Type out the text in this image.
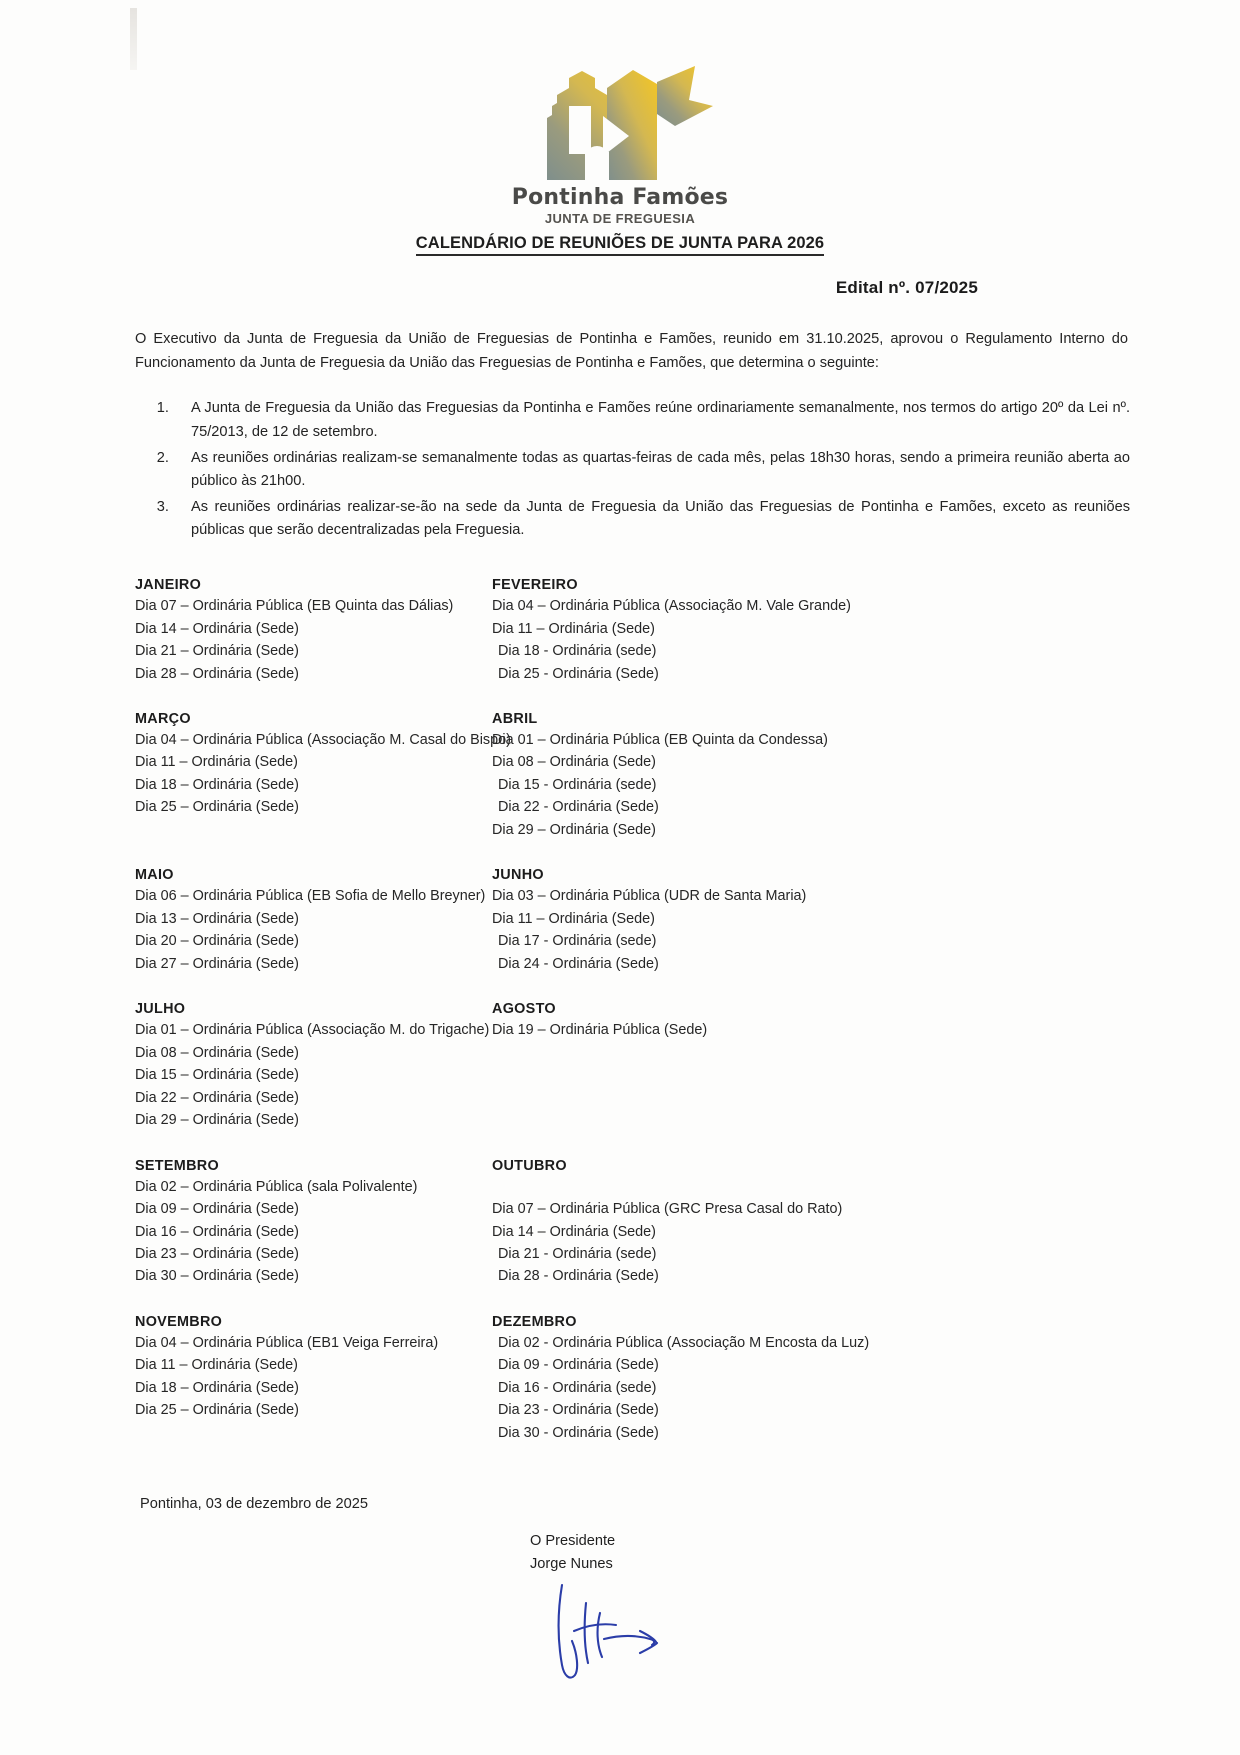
Pontinha Famões
JUNTA DE FREGUESIA
CALENDÁRIO DE REUNIÕES DE JUNTA PARA 2026
Edital nº. 07/2025

O Executivo da Junta de Freguesia da União de Freguesias de Pontinha e Famões, reunido em 31.10.2025, aprovou o Regulamento Interno do Funcionamento da Junta de Freguesia da União das Freguesias de Pontinha e Famões, que determina o seguinte:

1. A Junta de Freguesia da União das Freguesias da Pontinha e Famões reúne ordinariamente semanalmente, nos termos do artigo 20º da Lei nº. 75/2013, de 12 de setembro.
2. As reuniões ordinárias realizam-se semanalmente todas as quartas-feiras de cada mês, pelas 18h30 horas, sendo a primeira reunião aberta ao público às 21h00.
3. As reuniões ordinárias realizar-se-ão na sede da Junta de Freguesia da União das Freguesias de Pontinha e Famões, exceto as reuniões públicas que serão decentralizadas pela Freguesia.
JANEIRO
Dia 07 – Ordinária Pública (EB Quinta das Dálias)
Dia 14 – Ordinária (Sede)
Dia 21 – Ordinária (Sede)
Dia 28 – Ordinária (Sede)
FEVEREIRO
Dia 04 – Ordinária Pública (Associação M. Vale Grande)
Dia 11 – Ordinária (Sede)
Dia 18 - Ordinária (sede)
Dia 25 - Ordinária (Sede)
MARÇO
Dia 04 – Ordinária Pública (Associação M. Casal do Bispo)
Dia 11 – Ordinária (Sede)
Dia 18 – Ordinária (Sede)
Dia 25 – Ordinária (Sede)
ABRIL
Dia 01 – Ordinária Pública (EB Quinta da Condessa)
Dia 08 – Ordinária (Sede)
Dia 15 - Ordinária (sede)
Dia 22 - Ordinária (Sede)
Dia 29 – Ordinária (Sede)
MAIO
Dia 06 – Ordinária Pública (EB Sofia de Mello Breyner)
Dia 13 – Ordinária (Sede)
Dia 20 – Ordinária (Sede)
Dia 27 – Ordinária (Sede)
JUNHO
Dia 03 – Ordinária Pública (UDR de Santa Maria)
Dia 11 – Ordinária (Sede)
Dia 17 - Ordinária (sede)
Dia 24 - Ordinária (Sede)
JULHO
Dia 01 – Ordinária Pública (Associação M. do Trigache)
Dia 08 – Ordinária (Sede)
Dia 15 – Ordinária (Sede)
Dia 22 – Ordinária (Sede)
Dia 29 – Ordinária (Sede)
AGOSTO
Dia 19 – Ordinária Pública (Sede)
SETEMBRO
Dia 02 – Ordinária Pública (sala Polivalente)
Dia 09 – Ordinária (Sede)
Dia 16 – Ordinária (Sede)
Dia 23 – Ordinária (Sede)
Dia 30 – Ordinária (Sede)
OUTUBRO

Dia 07 – Ordinária Pública (GRC Presa Casal do Rato)
Dia 14 – Ordinária (Sede)
Dia 21 - Ordinária (sede)
Dia 28 - Ordinária (Sede)
NOVEMBRO
Dia 04 – Ordinária Pública (EB1 Veiga Ferreira)
Dia 11 – Ordinária (Sede)
Dia 18 – Ordinária (Sede)
Dia 25 – Ordinária (Sede)
DEZEMBRO
Dia 02 - Ordinária Pública (Associação M Encosta da Luz)
Dia 09 - Ordinária (Sede)
Dia 16 - Ordinária (sede)
Dia 23 - Ordinária (Sede)
Dia 30 - Ordinária (Sede)
Pontinha, 03 de dezembro de 2025
O Presidente
Jorge Nunes
